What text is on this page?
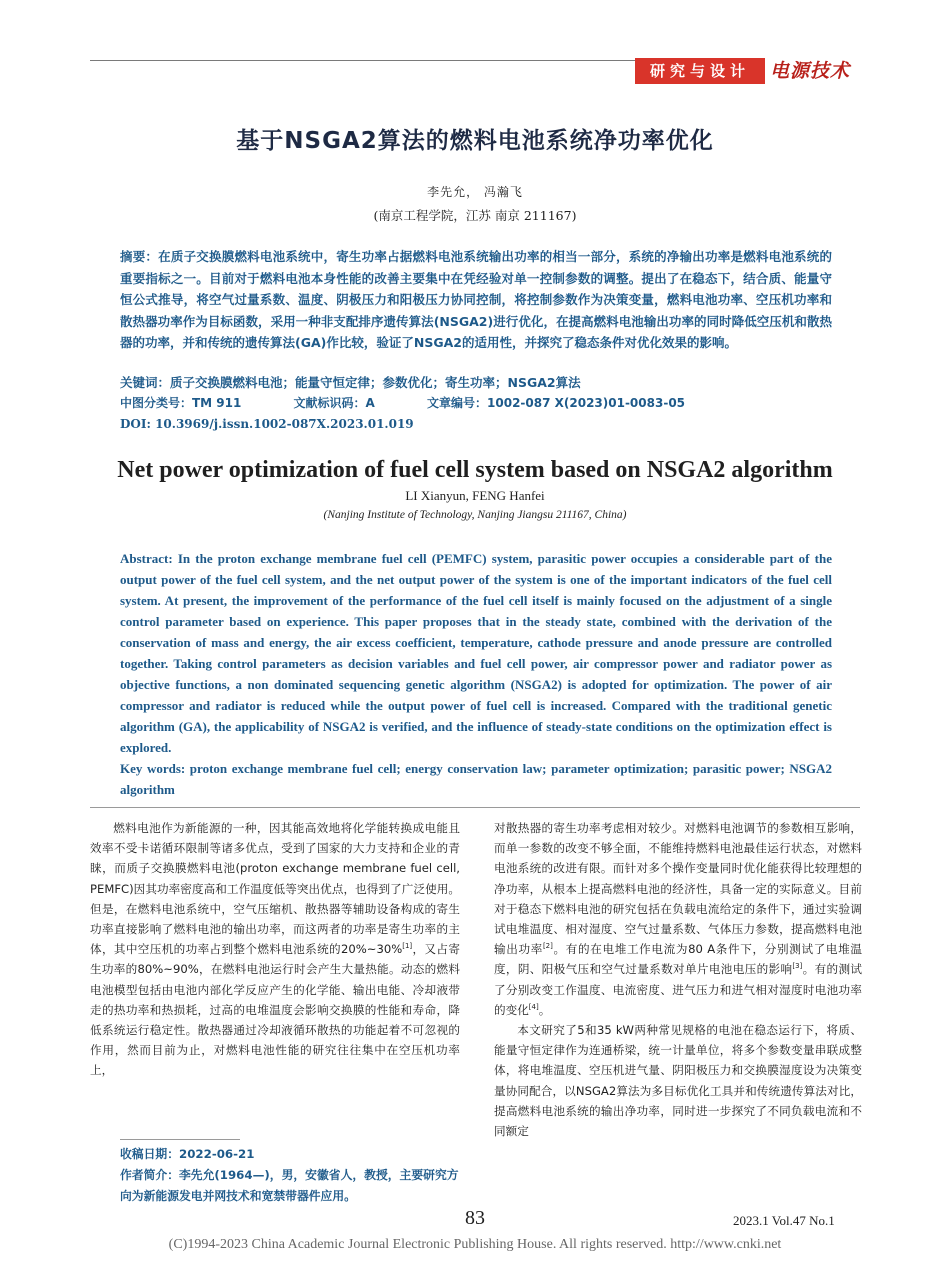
研究与设计	电源技术
基于NSGA2算法的燃料电池系统净功率优化
李先允， 冯瀚飞
(南京工程学院，江苏 南京 211167)

摘要：在质子交换膜燃料电池系统中，寄生功率占据燃料电池系统输出功率的相当一部分，系统的净输出功率是燃料电池系统的重要指标之一。目前对于燃料电池本身性能的改善主要集中在凭经验对单一控制参数的调整。提出了在稳态下，结合质、能量守恒公式推导，将空气过量系数、温度、阴极压力和阳极压力协同控制，将控制参数作为决策变量，燃料电池功率、空压机功率和散热器功率作为目标函数，采用一种非支配排序遗传算法(NSGA2)进行优化，在提高燃料电池输出功率的同时降低空压机和散热器的功率，并和传统的遗传算法(GA)作比较，验证了NSGA2的适用性，并探究了稳态条件对优化效果的影响。

关键词：质子交换膜燃料电池；能量守恒定律；参数优化；寄生功率；NSGA2算法

中图分类号：TM 911	文献标识码：A	文章编号：1002-087 X(2023)01-0083-05
DOI: 10.3969/j.issn.1002-087X.2023.01.019
Net power optimization of fuel cell system based on NSGA2 algorithm
LI Xianyun, FENG Hanfei
(Nanjing Institute of Technology, Nanjing Jiangsu 211167, China)

Abstract: In the proton exchange membrane fuel cell (PEMFC) system, parasitic power occupies a considerable part of the output power of the fuel cell system, and the net output power of the system is one of the important indicators of the fuel cell system. At present, the improvement of the performance of the fuel cell itself is mainly focused on the adjustment of a single control parameter based on experience. This paper proposes that in the steady state, combined with the derivation of the conservation of mass and energy, the air excess coefficient, temperature, cathode pressure and anode pressure are controlled together. Taking control parameters as decision variables and fuel cell power, air compressor power and radiator power as objective functions, a non dominated sequencing genetic algorithm (NSGA2) is adopted for optimization. The power of air compressor and radiator is reduced while the output power of fuel cell is increased. Compared with the traditional genetic algorithm (GA), the applicability of NSGA2 is verified, and the influence of steady-state conditions on the optimization effect is explored.

Key words: proton exchange membrane fuel cell; energy conservation law; parameter optimization; parasitic power; NSGA2 algorithm

燃料电池作为新能源的一种，因其能高效地将化学能转换成电能且效率不受卡诺循环限制等诸多优点，受到了国家的大力支持和企业的青睐，而质子交换膜燃料电池(proton exchange membrane fuel cell, PEMFC)因其功率密度高和工作温度低等突出优点，也得到了广泛使用。但是，在燃料电池系统中，空气压缩机、散热器等辅助设备构成的寄生功率直接影响了燃料电池的输出功率，而这两者的功率是寄生功率的主体，其中空压机的功率占到整个燃料电池系统的20%~30%[1]，又占寄生功率的80%~90%，在燃料电池运行时会产生大量热能。动态的燃料电池模型包括由电池内部化学反应产生的化学能、输出电能、冷却液带走的热功率和热损耗，过高的电堆温度会影响交换膜的性能和寿命，降低系统运行稳定性。散热器通过冷却液循环散热的功能起着不可忽视的作用，然而目前为止，对燃料电池性能的研究往往集中在空压机功率上，

对散热器的寄生功率考虑相对较少。对燃料电池调节的参数相互影响，而单一参数的改变不够全面，不能维持燃料电池最佳运行状态，对燃料电池系统的改进有限。而针对多个操作变量同时优化能获得比较理想的净功率，从根本上提高燃料电池的经济性，具备一定的实际意义。目前对于稳态下燃料电池的研究包括在负载电流给定的条件下，通过实验调试电堆温度、相对湿度、空气过量系数、气体压力参数，提高燃料电池输出功率[2]。有的在电堆工作电流为80 A条件下，分别测试了电堆温度，阴、阳极气压和空气过量系数对单片电池电压的影响[3]。有的测试了分别改变工作温度、电流密度、进气压力和进气相对湿度时电池功率的变化[4]。

本文研究了5和35 kW两种常见规格的电池在稳态运行下，将质、能量守恒定律作为连通桥梁，统一计量单位，将多个参数变量串联成整体，将电堆温度、空压机进气量、阴阳极压力和交换膜湿度设为决策变量协同配合，以NSGA2算法为多目标优化工具并和传统遗传算法对比，提高燃料电池系统的输出净功率，同时进一步探究了不同负载电流和不同额定

收稿日期：2022-06-21
作者简介：李先允(1964—)，男，安徽省人，教授，主要研究方向为新能源发电并网技术和宽禁带器件应用。
83	2023.1 Vol.47 No.1
(C)1994-2023 China Academic Journal Electronic Publishing House. All rights reserved. http://www.cnki.net
